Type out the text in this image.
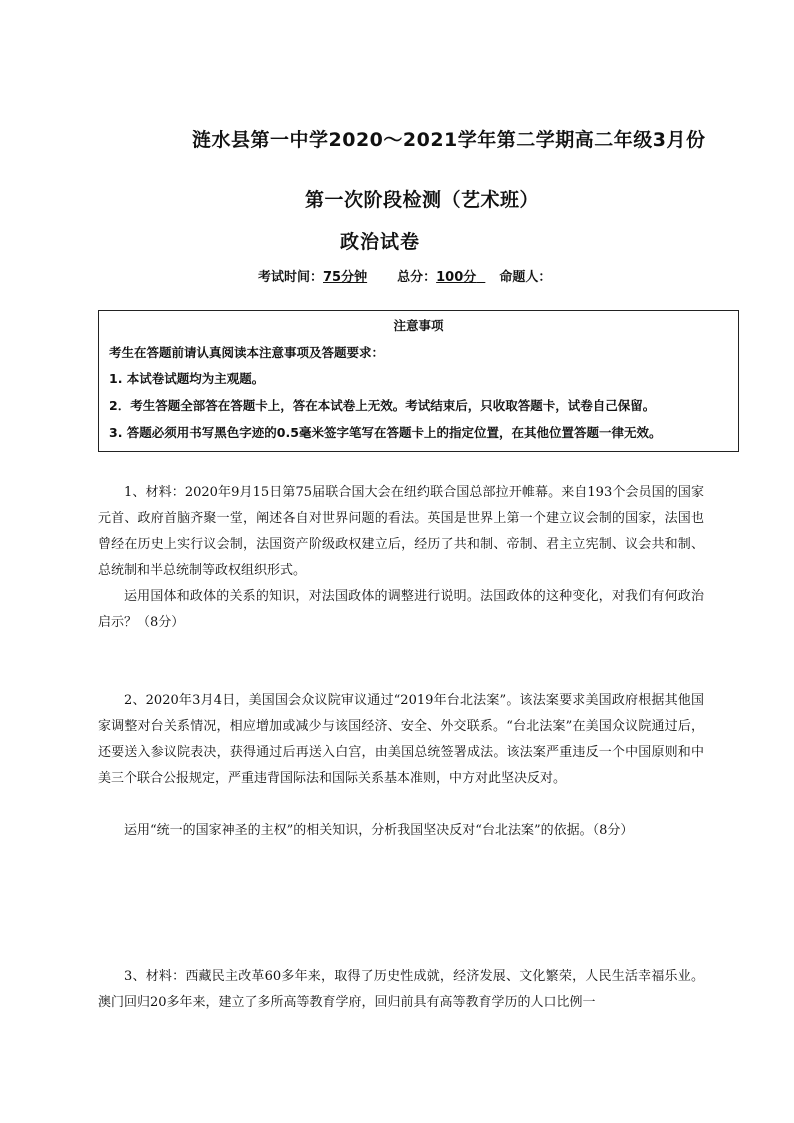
涟水县第一中学2020～2021学年第二学期高二年级3月份
第一次阶段检测（艺术班）
政治试卷
考试时间：75分钟 总分：100分 命题人：
注意事项
考生在答题前请认真阅读本注意事项及答题要求：
1. 本试卷试题均为主观题。
2．考生答题全部答在答题卡上，答在本试卷上无效。考试结束后，只收取答题卡，试卷自己保留。
3. 答题必须用书写黑色字迹的0.5毫米签字笔写在答题卡上的指定位置，在其他位置答题一律无效。
1、材料：2020年9月15日第75届联合国大会在纽约联合国总部拉开帷幕。来自193个会员国的国家元首、政府首脑齐聚一堂，阐述各自对世界问题的看法。英国是世界上第一个建立议会制的国家，法国也曾经在历史上实行议会制，法国资产阶级政权建立后，经历了共和制、帝制、君主立宪制、议会共和制、总统制和半总统制等政权组织形式。
运用国体和政体的关系的知识，对法国政体的调整进行说明。法国政体的这种变化，对我们有何政治启示？（8分）
2、2020年3月4日，美国国会众议院审议通过“2019年台北法案”。该法案要求美国政府根据其他国家调整对台关系情况，相应增加或减少与该国经济、安全、外交联系。“台北法案”在美国众议院通过后，还要送入参议院表决，获得通过后再送入白宫，由美国总统签署成法。该法案严重违反一个中国原则和中美三个联合公报规定，严重违背国际法和国际关系基本准则，中方对此坚决反对。
运用“统一的国家神圣的主权”的相关知识，分析我国坚决反对“台北法案”的依据。（8分）
3、材料：西藏民主改革60多年来，取得了历史性成就，经济发展、文化繁荣，人民生活幸福乐业。澳门回归20多年来，建立了多所高等教育学府，回归前具有高等教育学历的人口比例一
